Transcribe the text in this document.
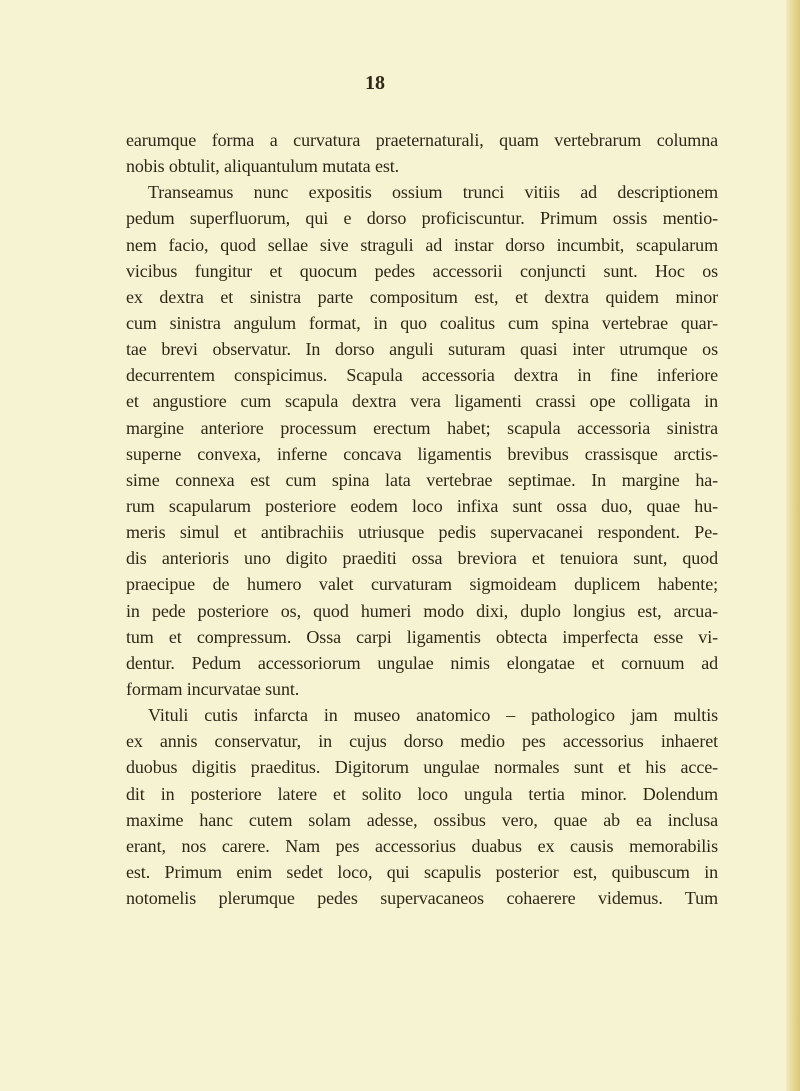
18
earumque forma a curvatura praeternaturali, quam vertebrarum columna
nobis obtulit, aliquantulum mutata est.
Transeamus nunc expositis ossium trunci vitiis ad descriptionem
pedum superfluorum, qui e dorso proficiscuntur. Primum ossis mentio-
nem facio, quod sellae sive straguli ad instar dorso incumbit, scapularum
vicibus fungitur et quocum pedes accessorii conjuncti sunt. Hoc os
ex dextra et sinistra parte compositum est, et dextra quidem minor
cum sinistra angulum format, in quo coalitus cum spina vertebrae quar-
tae brevi observatur. In dorso anguli suturam quasi inter utrumque os
decurrentem conspicimus. Scapula accessoria dextra in fine inferiore
et angustiore cum scapula dextra vera ligamenti crassi ope colligata in
margine anteriore processum erectum habet; scapula accessoria sinistra
superne convexa, inferne concava ligamentis brevibus crassisque arctis-
sime connexa est cum spina lata vertebrae septimae. In margine ha-
rum scapularum posteriore eodem loco infixa sunt ossa duo, quae hu-
meris simul et antibrachiis utriusque pedis supervacanei respondent. Pe-
dis anterioris uno digito praediti ossa breviora et tenuiora sunt, quod
praecipue de humero valet curvaturam sigmoideam duplicem habente;
in pede posteriore os, quod humeri modo dixi, duplo longius est, arcua-
tum et compressum. Ossa carpi ligamentis obtecta imperfecta esse vi-
dentur. Pedum accessoriorum ungulae nimis elongatae et cornuum ad
formam incurvatae sunt.
Vituli cutis infarcta in museo anatomico – pathologico jam multis
ex annis conservatur, in cujus dorso medio pes accessorius inhaeret
duobus digitis praeditus. Digitorum ungulae normales sunt et his acce-
dit in posteriore latere et solito loco ungula tertia minor. Dolendum
maxime hanc cutem solam adesse, ossibus vero, quae ab ea inclusa
erant, nos carere. Nam pes accessorius duabus ex causis memorabilis
est. Primum enim sedet loco, qui scapulis posterior est, quibuscum in
notomelis plerumque pedes supervacaneos cohaerere videmus. Tum
